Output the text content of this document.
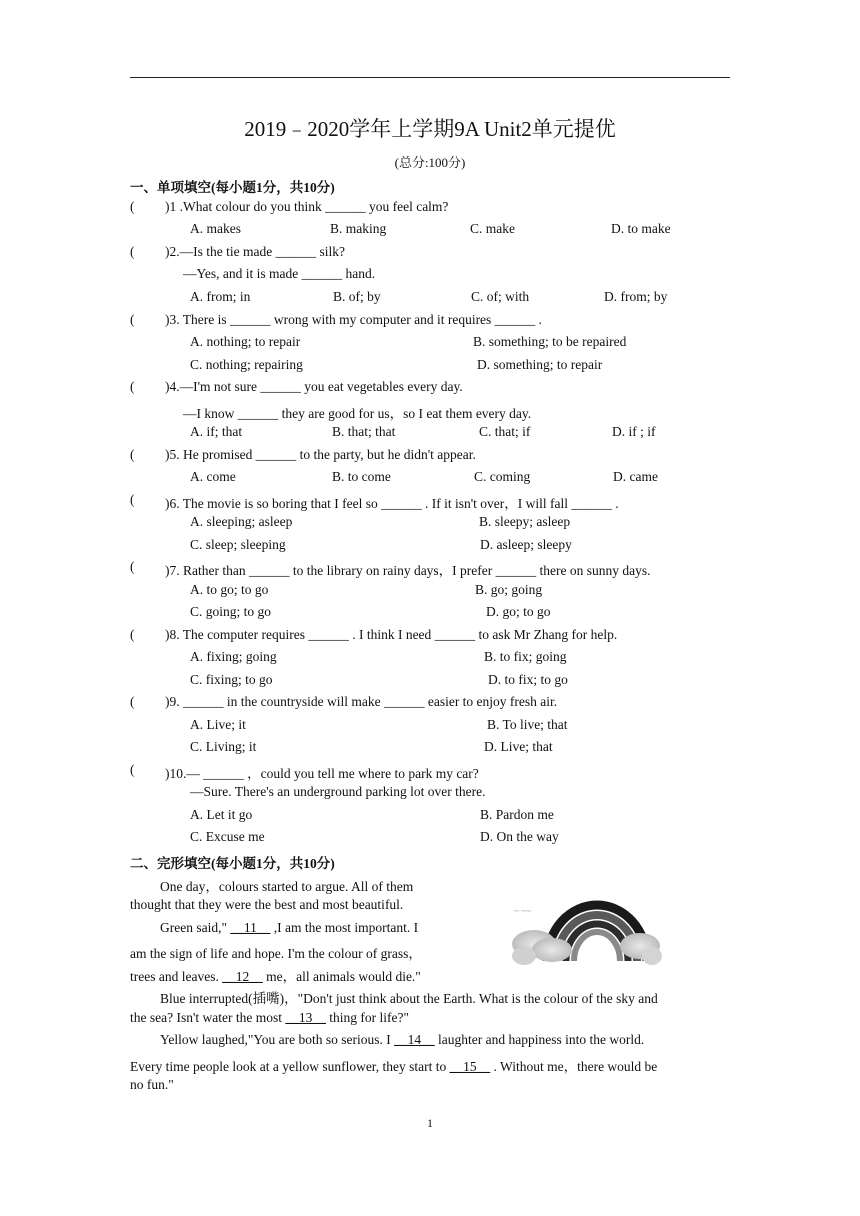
2019﹣2020学年上学期9A Unit2单元提优
(总分:100分)
一、单项填空(每小题1分，共10分)
( )1 .What colour do you think ______ you feel calm?
A. makes	B. making	C. make	D. to make
( )2.—Is the tie made ______ silk?
—Yes, and it is made ______ hand.
A. from; in	B. of; by	C. of; with	D. from; by
( )3. There is ______ wrong with my computer and it requires ______ .
A. nothing; to repair	B. something; to be repaired
C. nothing; repairing	D. something; to repair
( )4.—I'm not sure ______ you eat vegetables every day.
—I know ______ they are good for us，so I eat them every day.
A. if; that	B. that; that	C. that; if	D. if ; if
( )5. He promised ______ to the party, but he didn't appear.
A. come	B. to come	C. coming	D. came
( )6. The movie is so boring that I feel so ______ . If it isn't over，I will fall ______ .
A. sleeping; asleep	B. sleepy; asleep
C. sleep; sleeping	D. asleep; sleepy
( )7. Rather than ______ to the library on rainy days，I prefer ______ there on sunny days.
A. to go; to go	B. go; going
C. going; to go	D. go; to go
( )8. The computer requires ______ . I think I need ______ to ask Mr Zhang for help.
A. fixing; going	B. to fix; going
C. fixing; to go	D. to fix; to go
( )9. ______ in the countryside will make ______ easier to enjoy fresh air.
A. Live; it	B. To live; that
C. Living; it	D. Live; that
( )10.— ______ ，could you tell me where to park my car?
—Sure. There's an underground parking lot over there.
A. Let it go	B. Pardon me
C. Excuse me	D. On the way
二、完形填空(每小题1分，共10分)
One day，colours started to argue. All of them
thought that they were the best and most beautiful.
Green said," __11__ ,I am the most important. I
am the sign of life and hope. I'm the colour of grass，
trees and leaves. __12__ me，all animals would die."
Blue interrupted(插嘴)，"Don't just think about the Earth. What is the colour of the sky and
the sea? Isn't water the most __13__ thing for life?"
Yellow laughed,"You are both so serious. I __14__ laughter and happiness into the world.
Every time people look at a yellow sunflower, they start to __15__ . Without me，there would be
no fun."
~ ~~
1
